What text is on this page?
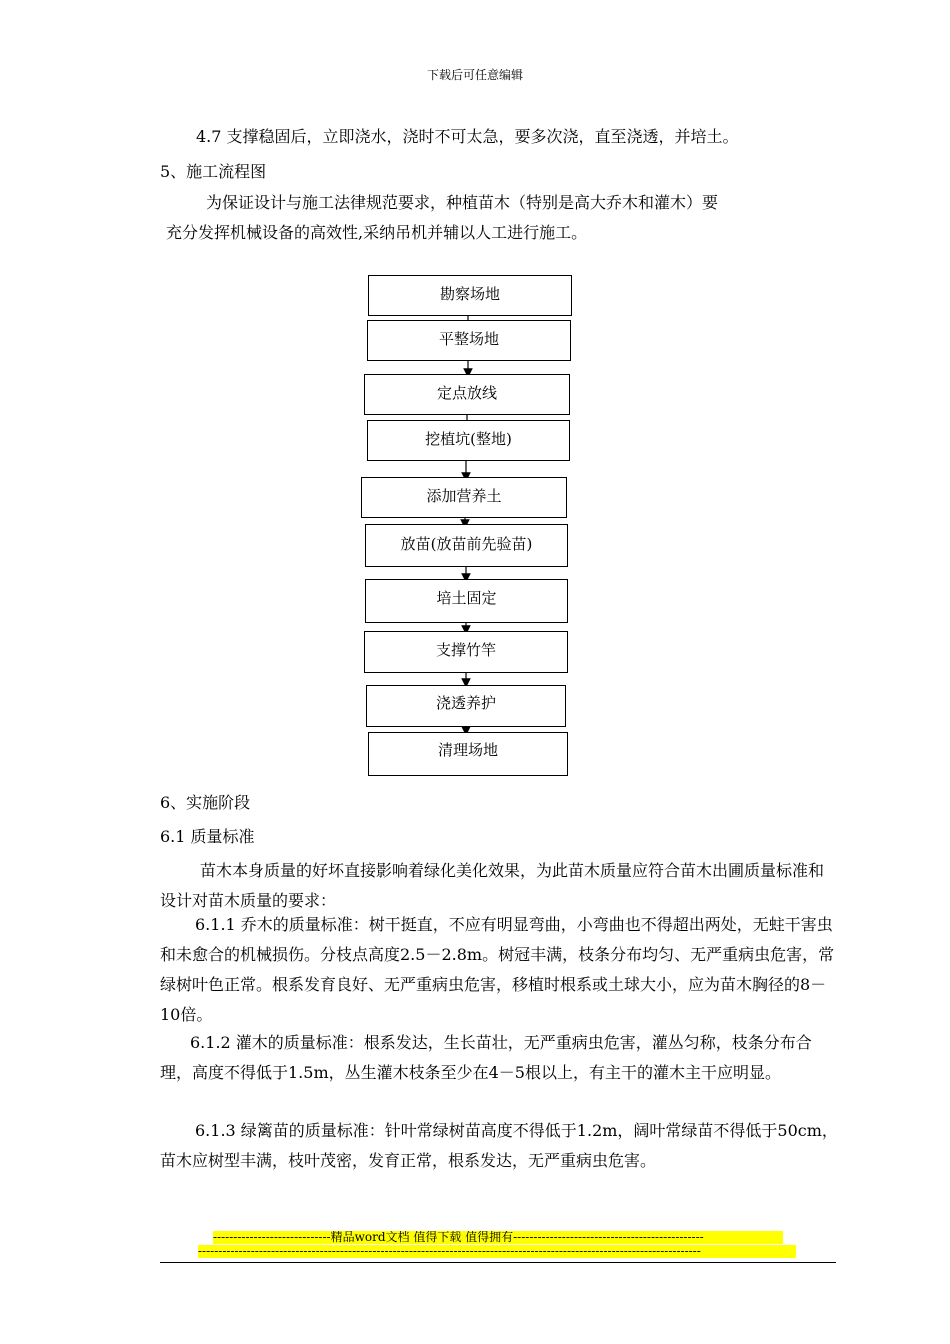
下载后可任意编辑
4.7 支撑稳固后，立即浇水，浇时不可太急，要多次浇，直至浇透，并培土。
5、施工流程图
为保证设计与施工法律规范要求，种植苗木（特别是高大乔木和灌木）要
充分发挥机械设备的高效性,采纳吊机并辅以人工进行施工。
勘察场地
平整场地
定点放线
挖植坑(整地)
添加营养土
放苗(放苗前先验苗)
培土固定
支撑竹竿
浇透养护
清理场地
6、实施阶段
6.1 质量标准
苗木本身质量的好坏直接影响着绿化美化效果，为此苗木质量应符合苗木出圃质量标准和设计对苗木质量的要求：
6.1.1 乔木的质量标准：树干挺直，不应有明显弯曲，小弯曲也不得超出两处，无蛀干害虫和未愈合的机械损伤。分枝点高度2.5－2.8m。树冠丰满，枝条分布均匀、无严重病虫危害，常绿树叶色正常。根系发育良好、无严重病虫危害，移植时根系或土球大小，应为苗木胸径的8－10倍。
6.1.2 灌木的质量标准：根系发达，生长苗壮，无严重病虫危害，灌丛匀称，枝条分布合理，高度不得低于1.5m，丛生灌木枝条至少在4－5根以上，有主干的灌木主干应明显。
6.1.3 绿篱苗的质量标准：针叶常绿树苗高度不得低于1.2m，阔叶常绿苗不得低于50cm，苗木应树型丰满，枝叶茂密，发育正常，根系发达，无严重病虫危害。
-----------------------------精品word文档 值得下载 值得拥有-----------------------------------------------
----------------------------------------------------------------------------------------------------------------------------
